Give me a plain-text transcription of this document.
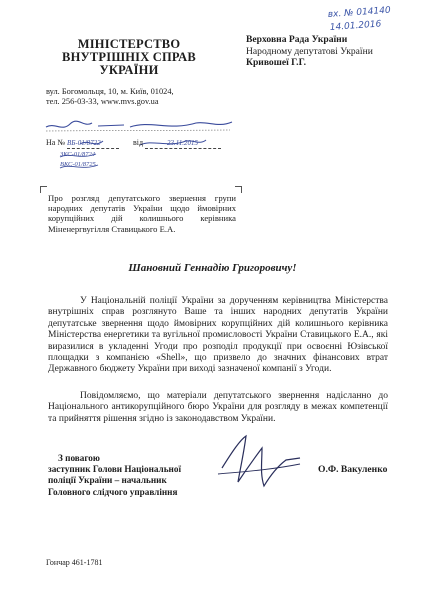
МІНІСТЕРСТВО
ВНУТРІШНІХ СПРАВ
УКРАЇНИ
вул. Богомольця, 10, м. Київ, 01024,
тел. 256-03-33, www.mvs.gov.ua
вх. № 014140
14.01.2016
На № ВБ-01/8722	від	23.11.2015
ЗКС-01/8724
ВКС-01/8725
Верховна Рада України
Народному депутатові України
Кривошеї Г.Г.
Про розгляд депутатського звернення групи народних депутатів України щодо ймовірних корупційних дій колишнього керівника Міненергвугілля Ставицького Е.А.
Шановний Геннадію Григоровичу!
У Національній поліції України за дорученням керівництва Міністерства внутрішніх справ розглянуто Ваше та інших народних депутатів України депутатське звернення щодо ймовірних корупційних дій колишнього керівника Міністерства енергетики та вугільної промисловості України Ставицького Е.А., які виразилися в укладенні Угоди про розподіл продукції при освоєнні Юзівської площадки з компанією «Shell», що призвело до значних фінансових втрат Державного бюджету України при виході зазначеної компанії з Угоди.
Повідомляємо, що матеріали депутатського звернення надісланно до Національного антикорупційного бюро України для розгляду в межах компетенції та прийняття рішення згідно із законодавством України.
З повагою
заступник Голови Національної
поліції України – начальник
Головного слідчого управління
О.Ф. Вакуленко
Гончар 461-1781
